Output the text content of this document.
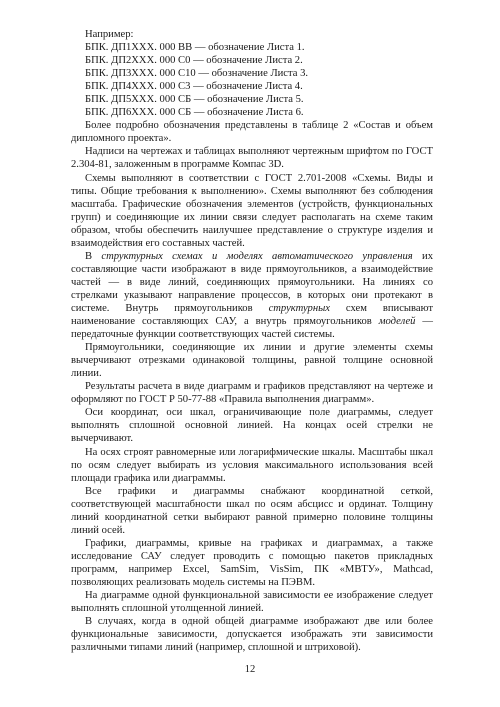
Например:
БПК. ДП1ХХХ. 000 ВВ — обозначение Листа 1.
БПК. ДП2ХХХ. 000 С0 — обозначение Листа 2.
БПК. ДП3ХХХ. 000 С10 — обозначение Листа 3.
БПК. ДП4ХХХ. 000 С3 — обозначение Листа 4.
БПК. ДП5ХХХ. 000 СБ — обозначение Листа 5.
БПК. ДП6ХХХ. 000 СБ — обозначение Листа 6.

Более подробно обозначения представлены в таблице 2 «Состав и объем дипломного проекта».

Надписи на чертежах и таблицах выполняют чертежным шрифтом по ГОСТ 2.304-81, заложенным в программе Компас 3D.

Схемы выполняют в соответствии с ГОСТ 2.701-2008 «Схемы. Виды и типы. Общие требования к выполнению». Схемы выполняют без соблюдения масштаба. Графические обозначения элементов (устройств, функциональных групп) и соединяющие их линии связи следует располагать на схеме таким образом, чтобы обеспечить наилучшее представление о структуре изделия и взаимодействия его составных частей.

В структурных схемах и моделях автоматического управления их составляющие части изображают в виде прямоугольников, а взаимодействие частей — в виде линий, соединяющих прямоугольники. На линиях со стрелками указывают направление процессов, в которых они протекают в системе. Внутрь прямоугольников структурных схем вписывают наименование составляющих САУ, а внутрь прямоугольников моделей — передаточные функции соответствующих частей системы.

Прямоугольники, соединяющие их линии и другие элементы схемы вычерчивают отрезками одинаковой толщины, равной толщине основной линии.

Результаты расчета в виде диаграмм и графиков представляют на чертеже и оформляют по ГОСТ Р 50-77-88 «Правила выполнения диаграмм».

Оси координат, оси шкал, ограничивающие поле диаграммы, следует выполнять сплошной основной линией. На концах осей стрелки не вычерчивают.

На осях строят равномерные или логарифмические шкалы. Масштабы шкал по осям следует выбирать из условия максимального использования всей площади графика или диаграммы.

Все графики и диаграммы снабжают координатной сеткой, соответствующей масштабности шкал по осям абсцисс и ординат. Толщину линий координатной сетки выбирают равной примерно половине толщины линий осей.

Графики, диаграммы, кривые на графиках и диаграммах, а также исследование САУ следует проводить с помощью пакетов прикладных программ, например Excel, SamSim, VisSim, ПК «МВТУ», Mathcad, позволяющих реализовать модель системы на ПЭВМ.

На диаграмме одной функциональной зависимости ее изображение следует выполнять сплошной утолщенной линией.

В случаях, когда в одной общей диаграмме изображают две или более функциональные зависимости, допускается изображать эти зависимости различными типами линий (например, сплошной и штриховой).

12
